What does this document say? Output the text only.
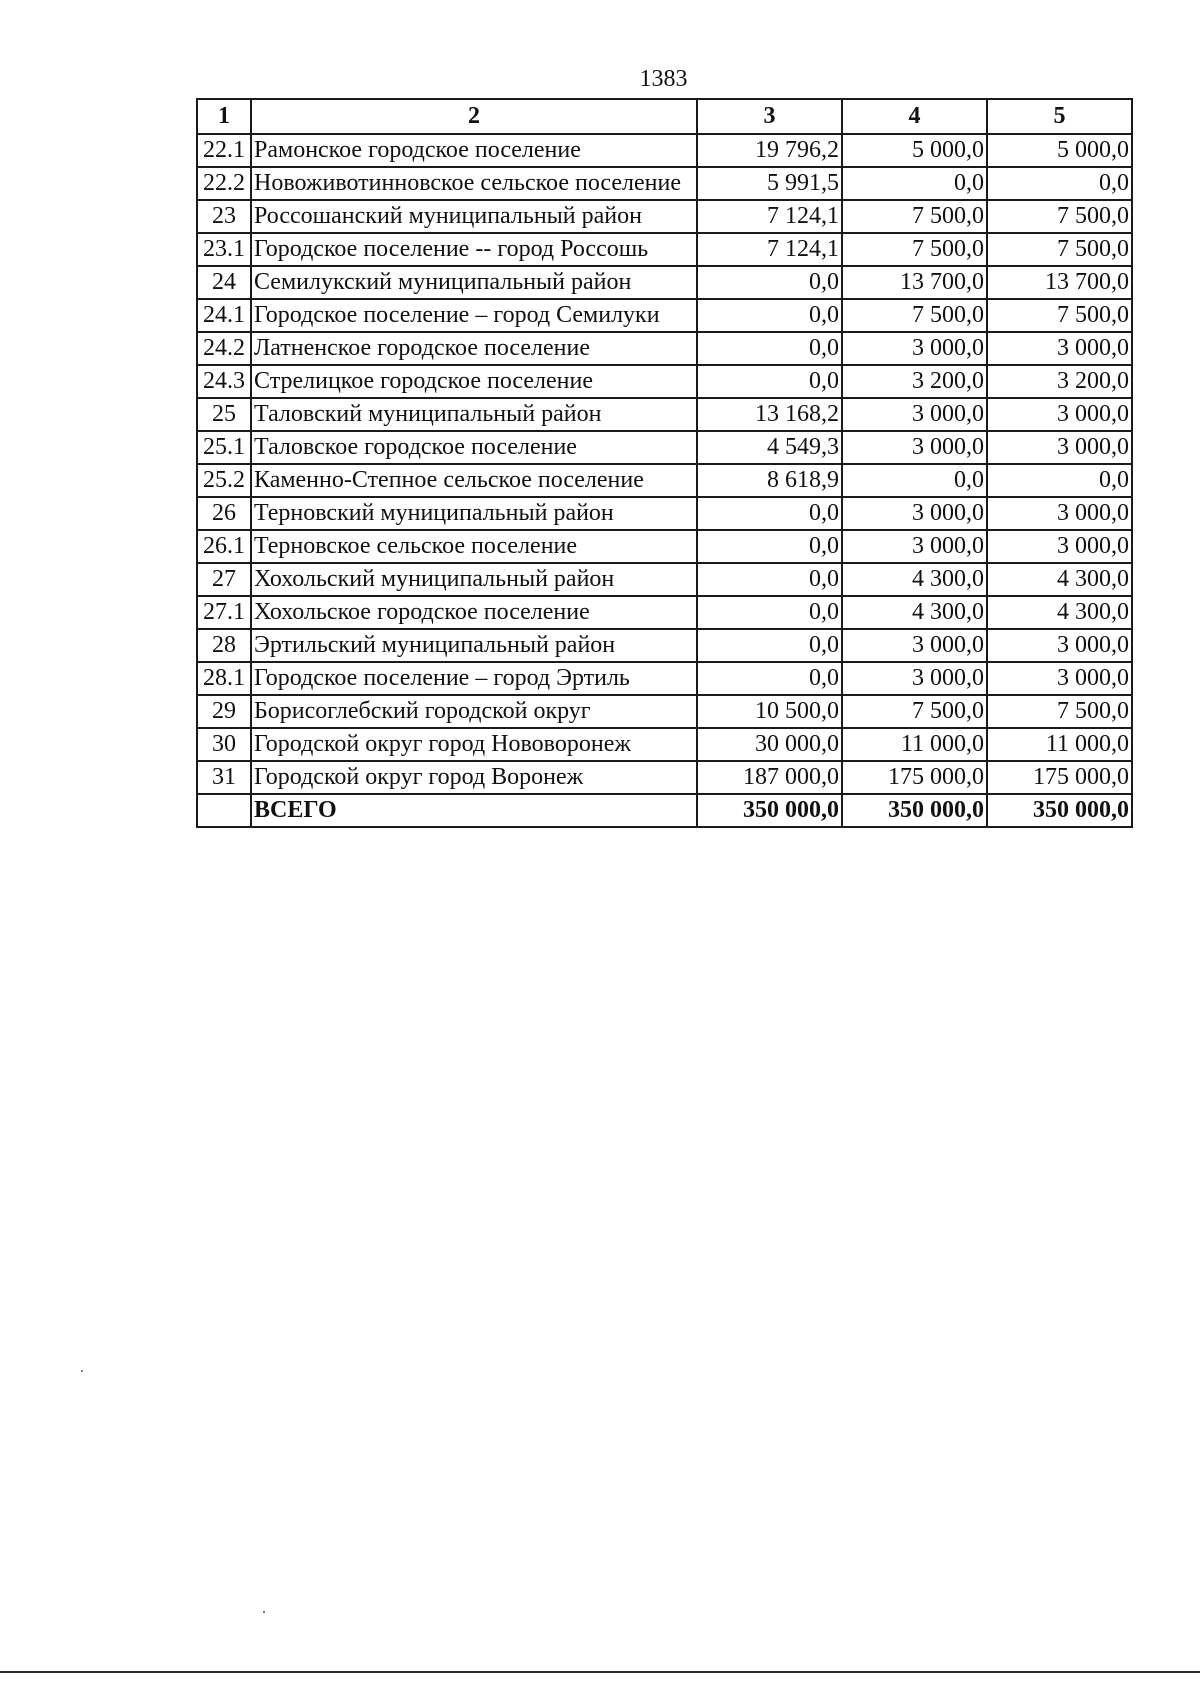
1383
1	2	3	4	5
22.1	Рамонское городское поселение	19 796,2	5 000,0	5 000,0
22.2	Новоживотинновское сельское поселение	5 991,5	0,0	0,0
23	Россошанский муниципальный район	7 124,1	7 500,0	7 500,0
23.1	Городское поселение -- город Россошь	7 124,1	7 500,0	7 500,0
24	Семилукский муниципальный район	0,0	13 700,0	13 700,0
24.1	Городское поселение – город Семилуки	0,0	7 500,0	7 500,0
24.2	Латненское городское поселение	0,0	3 000,0	3 000,0
24.3	Стрелицкое городское поселение	0,0	3 200,0	3 200,0
25	Таловский муниципальный район	13 168,2	3 000,0	3 000,0
25.1	Таловское городское поселение	4 549,3	3 000,0	3 000,0
25.2	Каменно-Степное сельское поселение	8 618,9	0,0	0,0
26	Терновский муниципальный район	0,0	3 000,0	3 000,0
26.1	Терновское сельское поселение	0,0	3 000,0	3 000,0
27	Хохольский муниципальный район	0,0	4 300,0	4 300,0
27.1	Хохольское городское поселение	0,0	4 300,0	4 300,0
28	Эртильский муниципальный район	0,0	3 000,0	3 000,0
28.1	Городское поселение – город Эртиль	0,0	3 000,0	3 000,0
29	Борисоглебский городской округ	10 500,0	7 500,0	7 500,0
30	Городской округ город Нововоронеж	30 000,0	11 000,0	11 000,0
31	Городской округ город Воронеж	187 000,0	175 000,0	175 000,0
	ВСЕГО	350 000,0	350 000,0	350 000,0
